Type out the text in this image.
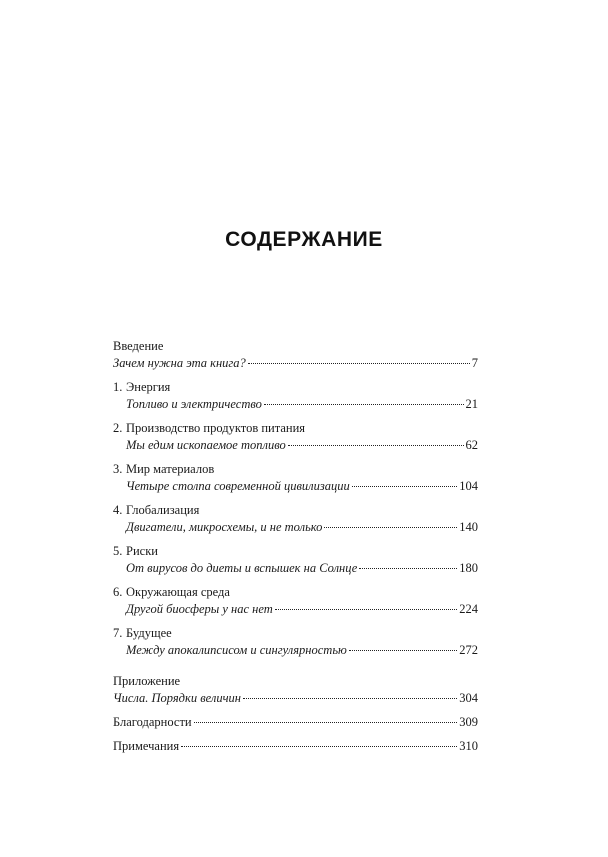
СОДЕРЖАНИЕ
Введение
Зачем нужна эта книга?	7
1. Энергия
Топливо и электричество	21
2. Производство продуктов питания
Мы едим ископаемое топливо	62
3. Мир материалов
Четыре столпа современной цивилизации	104
4. Глобализация
Двигатели, микросхемы, и не только	140
5. Риски
От вирусов до диеты и вспышек на Солнце	180
6. Окружающая среда
Другой биосферы у нас нет	224
7. Будущее
Между апокалипсисом и сингулярностью	272
Приложение
Числа. Порядки величин	304
Благодарности	309
Примечания	310
